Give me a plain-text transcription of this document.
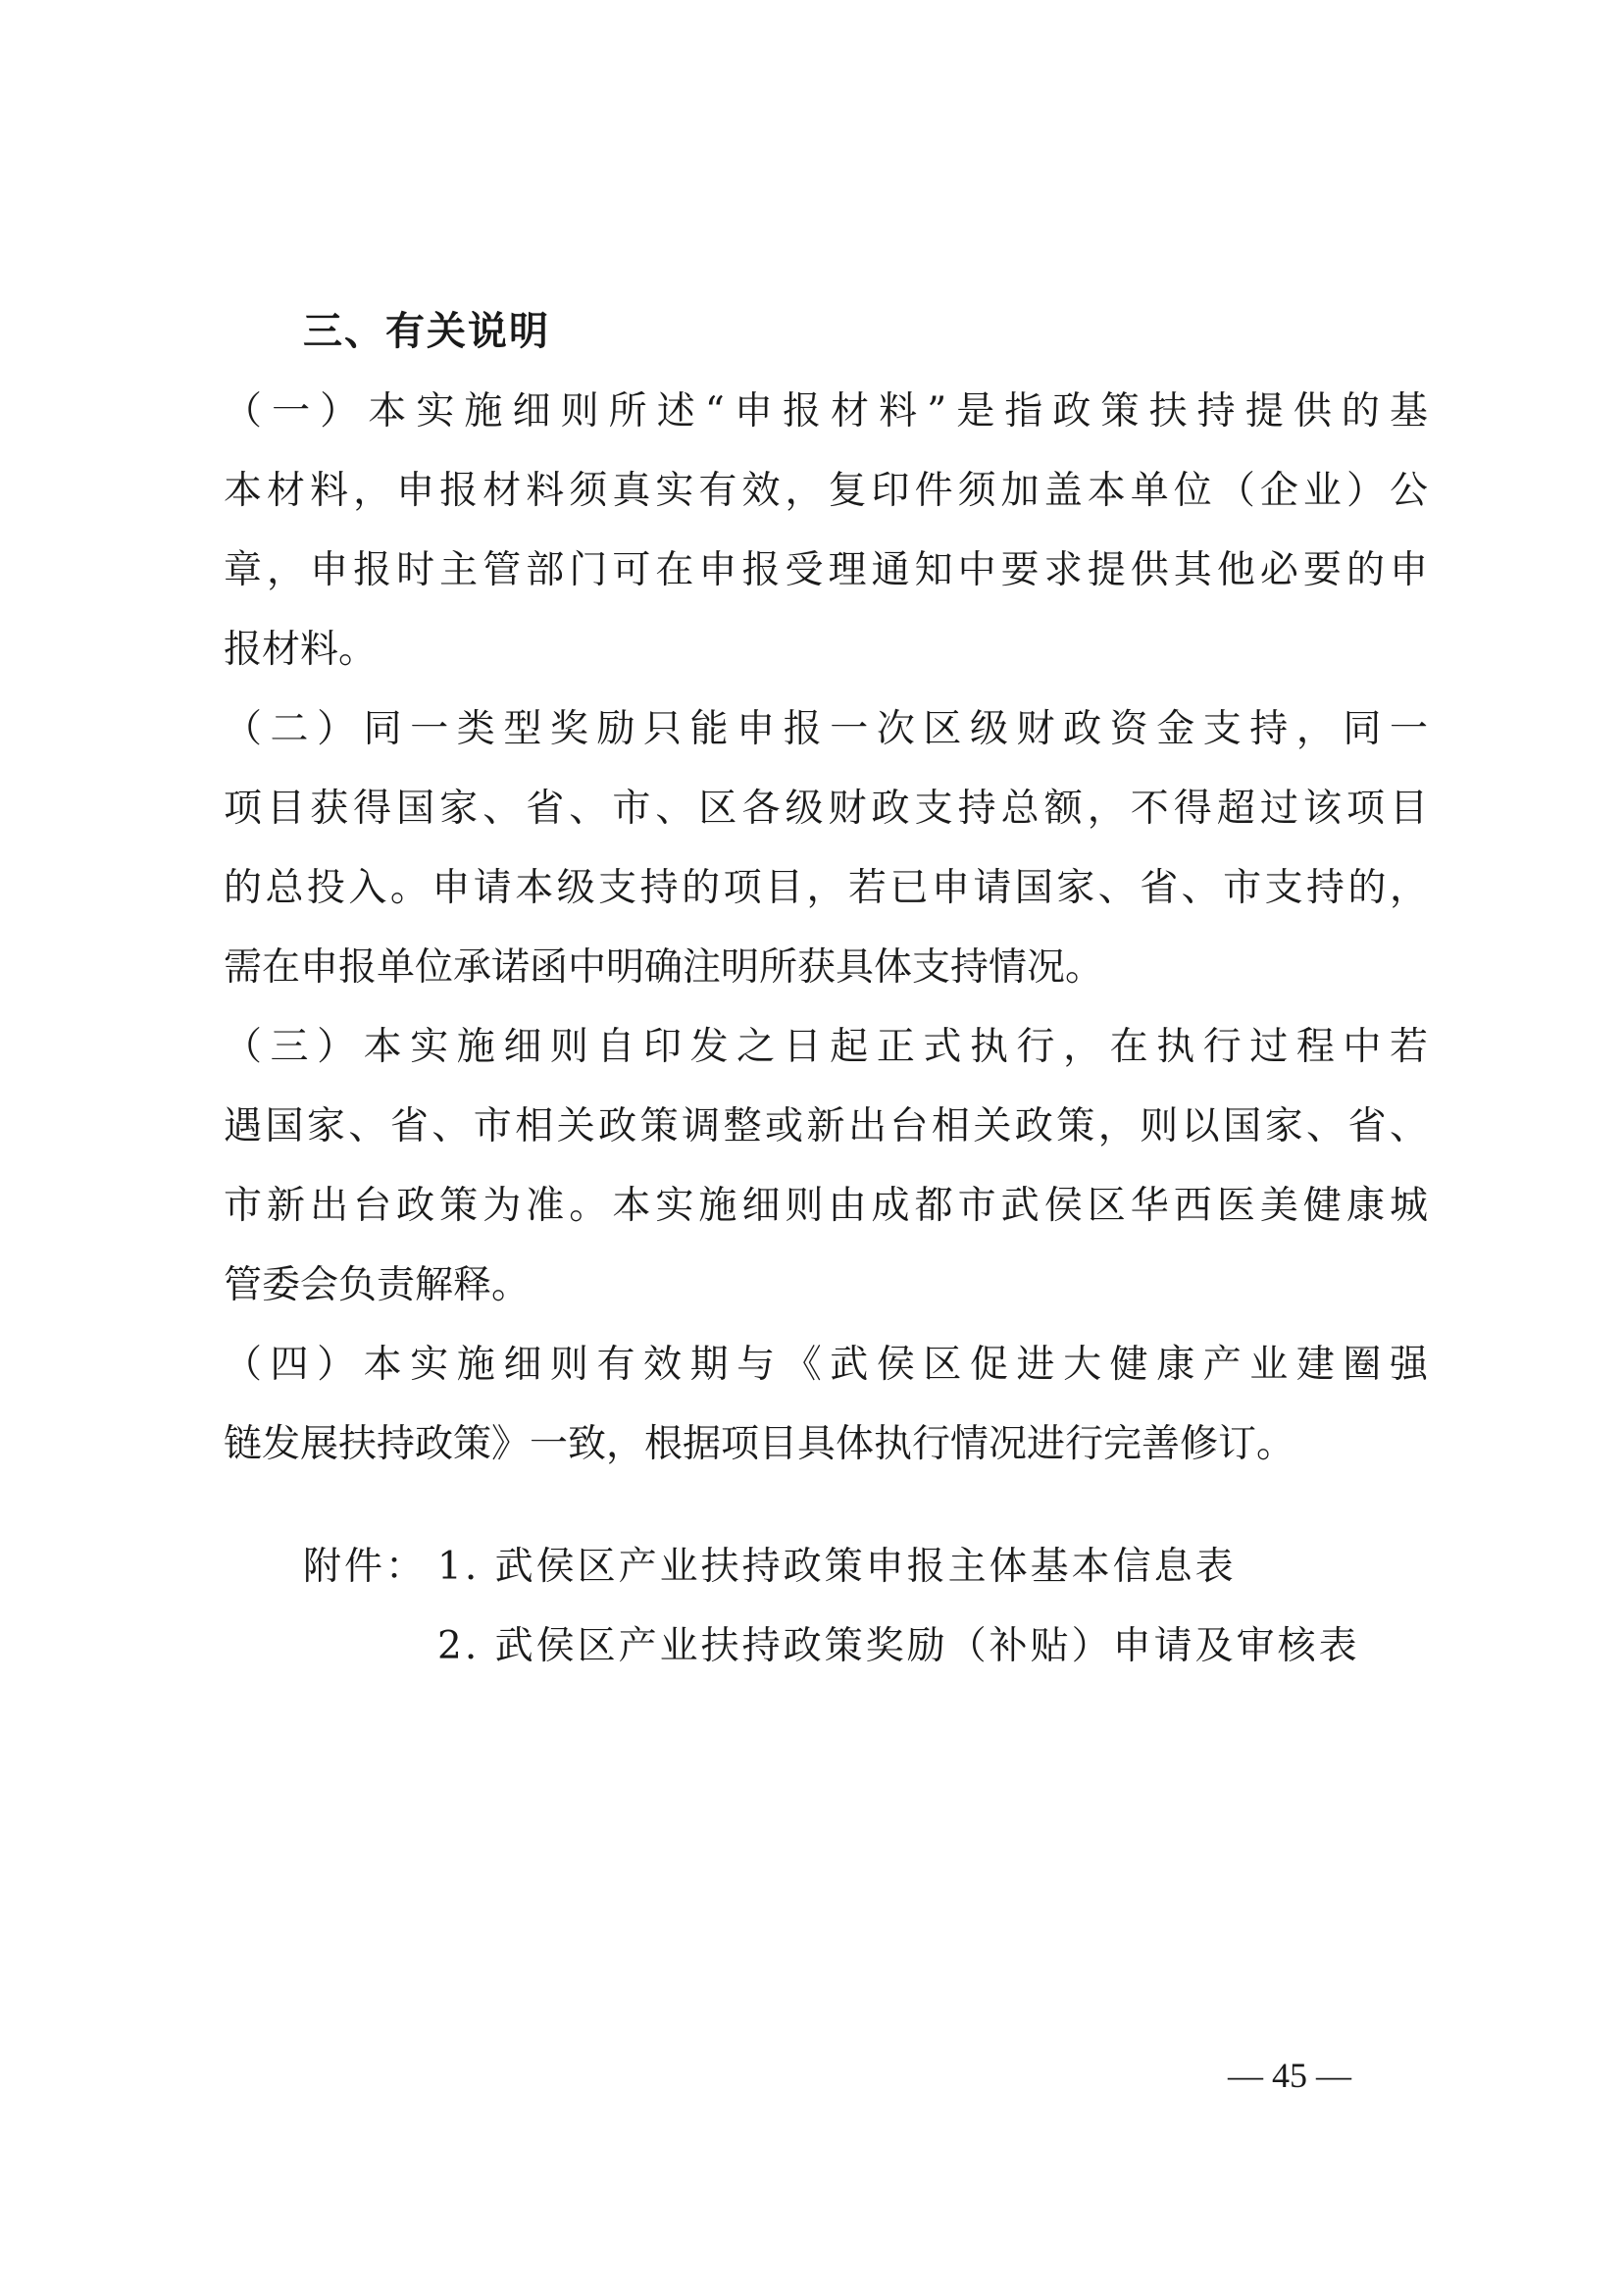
三、有关说明
（一）本实施细则所述“申报材料”是指政策扶持提供的基
本材料，申报材料须真实有效，复印件须加盖本单位（企业）公
章，申报时主管部门可在申报受理通知中要求提供其他必要的申
报材料。
（二）同一类型奖励只能申报一次区级财政资金支持，同一
项目获得国家、省、市、区各级财政支持总额，不得超过该项目
的总投入。申请本级支持的项目，若已申请国家、省、市支持的，
需在申报单位承诺函中明确注明所获具体支持情况。
（三）本实施细则自印发之日起正式执行，在执行过程中若
遇国家、省、市相关政策调整或新出台相关政策，则以国家、省、
市新出台政策为准。本实施细则由成都市武侯区华西医美健康城
管委会负责解释。
（四）本实施细则有效期与《武侯区促进大健康产业建圈强
链发展扶持政策》一致，根据项目具体执行情况进行完善修订。
附件： 1. 武侯区产业扶持政策申报主体基本信息表
2. 武侯区产业扶持政策奖励（补贴）申请及审核表
— 45 —
